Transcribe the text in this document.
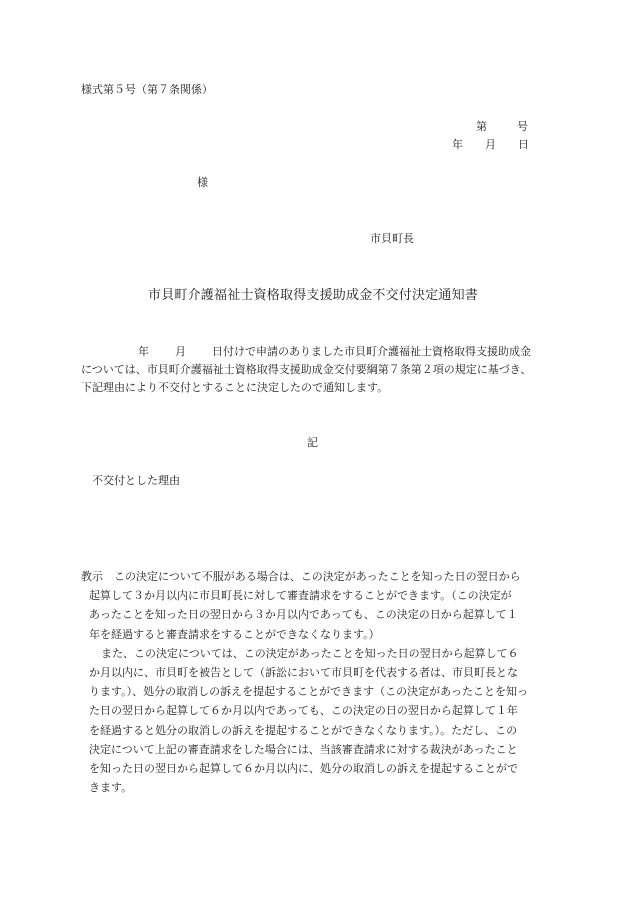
様式第５号（第７条関係）
第	号
年 月 日
様
市貝町長
市貝町介護福祉士資格取得支援助成金不交付決定通知書
年 月 日付けで申請のありました市貝町介護福祉士資格取得支援助成金
については、市貝町介護福祉士資格取得支援助成金交付要綱第７条第２項の規定に基づき、
下記理由により不交付とすることに決定したので通知します。
記
不交付とした理由
教示 この決定について不服がある場合は、この決定があったことを知った日の翌日から
起算して３か月以内に市貝町長に対して審査請求をすることができます。（この決定が
あったことを知った日の翌日から３か月以内であっても、この決定の日から起算して１
年を経過すると審査請求をすることができなくなります。）
また、この決定については、この決定があったことを知った日の翌日から起算して６
か月以内に、市貝町を被告として（訴訟において市貝町を代表する者は、市貝町長とな
ります。）、処分の取消しの訴えを提起することができます（この決定があったことを知っ
た日の翌日から起算して６か月以内であっても、この決定の日の翌日から起算して１年
を経過すると処分の取消しの訴えを提起することができなくなります。）。ただし、この
決定について上記の審査請求をした場合には、当該審査請求に対する裁決があったこと
を知った日の翌日から起算して６か月以内に、処分の取消しの訴えを提起することがで
きます。
